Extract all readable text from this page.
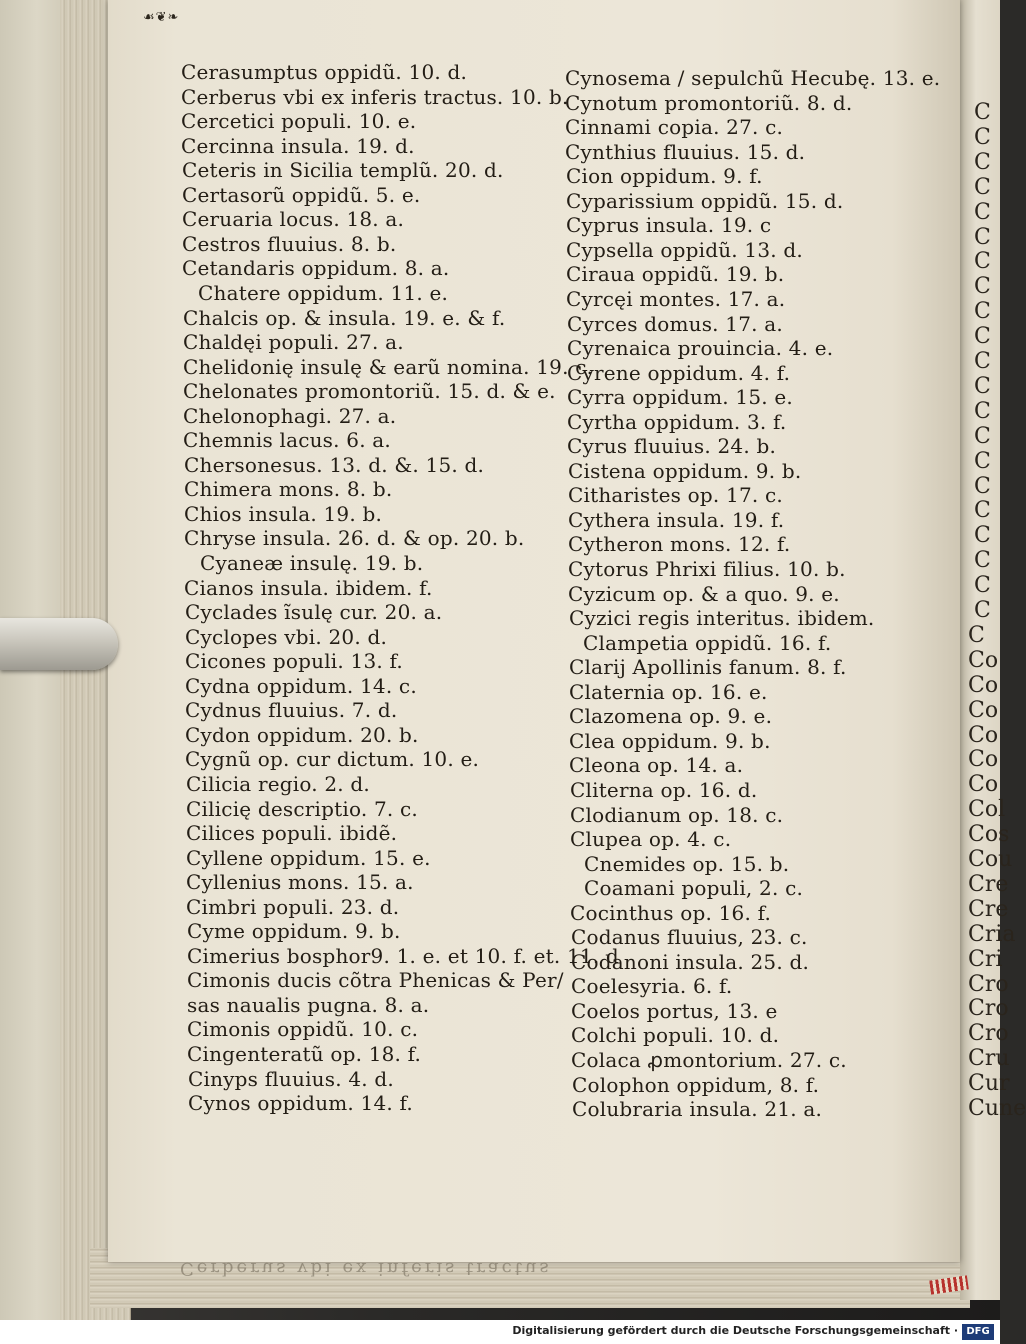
C
C
C
C
C
C
C
C
C
C
C
C
C
C
C
C
C
C
C
C
C
C
Co
Co
Co
Co
Co
Co
Col
Cos
Cou
Cre
Cre
Cria
Cri
Cro
Cro
Cro
Cru
Cur
Cune
☙❦❧
Cerasumptus oppidũ. 10. d.
Cerberus vbi ex inferis tractus. 10. b.
Cercetici populi. 10. e.
Cercinna insula. 19. d.
Ceteris in Sicilia templũ. 20. d.
Certasorũ oppidũ. 5. e.
Ceruaria locus. 18. a.
Cestros fluuius. 8. b.
Cetandaris oppidum. 8. a.
Chatere oppidum. 11. e.
Chalcis op. & insula. 19. e. & f.
Chaldęi populi. 27. a.
Chelidonię insulę & earũ nomina. 19. c.
Chelonates promontoriũ. 15. d. & e.
Chelonophagi. 27. a.
Chemnis lacus. 6. a.
Chersonesus. 13. d. &. 15. d.
Chimera mons. 8. b.
Chios insula. 19. b.
Chryse insula. 26. d. & op. 20. b.
Cyaneæ insulę. 19. b.
Cianos insula. ibidem. f.
Cyclades ĩsulę cur. 20. a.
Cyclopes vbi. 20. d.
Cicones populi. 13. f.
Cydna oppidum. 14. c.
Cydnus fluuius. 7. d.
Cydon oppidum. 20. b.
Cygnũ op. cur dictum. 10. e.
Cilicia regio. 2. d.
Cilicię descriptio. 7. c.
Cilices populi. ibidẽ.
Cyllene oppidum. 15. e.
Cyllenius mons. 15. a.
Cimbri populi. 23. d.
Cyme oppidum. 9. b.
Cimerius bosphor9. 1. e. et 10. f. et. 11. d
Cimonis ducis cõtra Phenicas & Per/
sas naualis pugna. 8. a.
Cimonis oppidũ. 10. c.
Cingenteratũ op. 18. f.
Cinyps fluuius. 4. d.
Cynos oppidum. 14. f.
Cynosema / sepulchũ Hecubę. 13. e.
Cynotum promontoriũ. 8. d.
Cinnami copia. 27. c.
Cynthius fluuius. 15. d.
Cion oppidum. 9. f.
Cyparissium oppidũ. 15. d.
Cyprus insula. 19. c
Cypsella oppidũ. 13. d.
Ciraua oppidũ. 19. b.
Cyrcęi montes. 17. a.
Cyrces domus. 17. a.
Cyrenaica prouincia. 4. e.
Cyrene oppidum. 4. f.
Cyrra oppidum. 15. e.
Cyrtha oppidum. 3. f.
Cyrus fluuius. 24. b.
Cistena oppidum. 9. b.
Citharistes op. 17. c.
Cythera insula. 19. f.
Cytheron mons. 12. f.
Cytorus Phrixi filius. 10. b.
Cyzicum op. & a quo. 9. e.
Cyzici regis interitus. ibidem.
Clampetia oppidũ. 16. f.
Clarij Apollinis fanum. 8. f.
Claternia op. 16. e.
Clazomena op. 9. e.
Clea oppidum. 9. b.
Cleona op. 14. a.
Cliterna op. 16. d.
Clodianum op. 18. c.
Clupea op. 4. c.
Cnemides op. 15. b.
Coamani populi, 2. c.
Cocinthus op. 16. f.
Codanus fluuius, 23. c.
Codanoni insula. 25. d.
Coelesyria. 6. f.
Coelos portus, 13. e
Colchi populi. 10. d.
Colaca ꝓmontorium. 27. c.
Colophon oppidum, 8. f.
Colubraria insula. 21. a.
Cerberus vbi ex inferis tractus
Digitalisierung gefördert durch die Deutsche Forschungsgemeinschaft · DFG
